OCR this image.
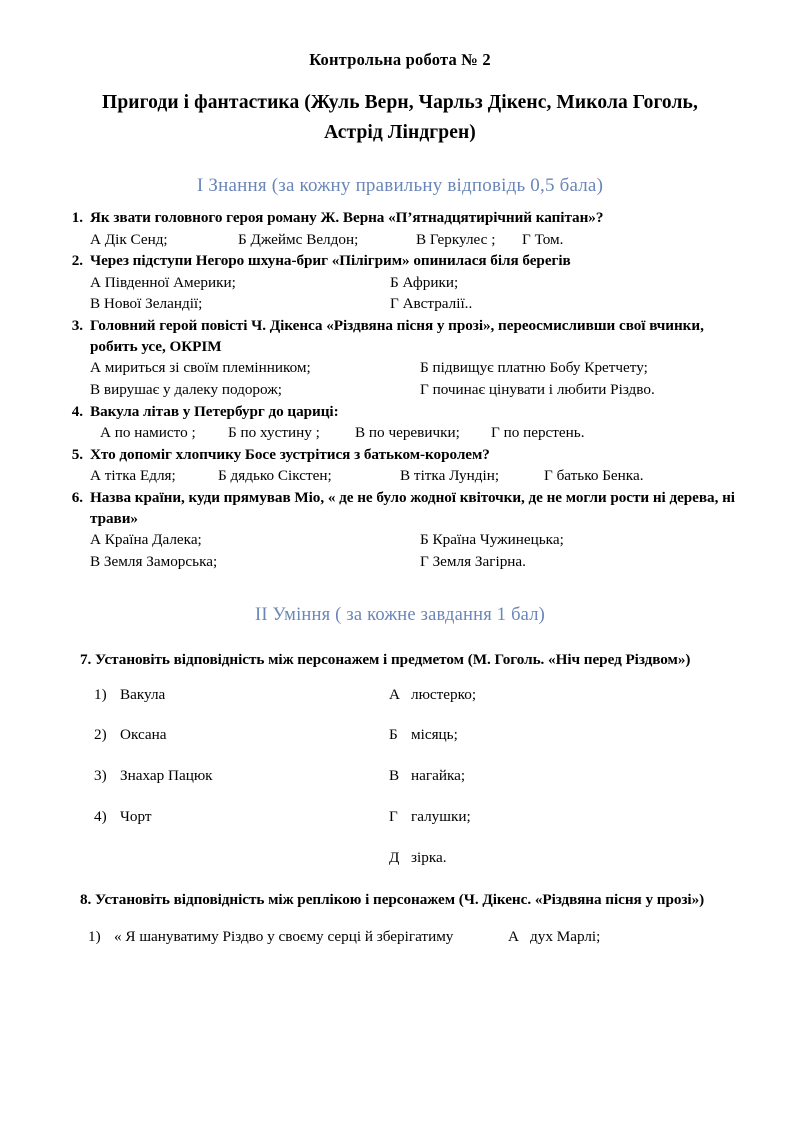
Контрольна робота № 2
Пригоди і фантастика (Жуль Верн, Чарльз Дікенс, Микола Гоголь, Астрід Ліндгрен)
I Знання (за кожну правильну відповідь 0,5 бала)
1. Як звати головного героя роману Ж. Верна «П’ятнадцятирічний капітан»?
А Дік Сенд;	Б Джеймс Велдон;	В Геркулес ;	Г Том.
2. Через підступи Негоро шхуна-бриг «Пілігрим» опинилася біля берегів
А Південної Америки;	Б Африки;
В Нової Зеландії;	Г Австралії..
3. Головний герой повісті Ч. Дікенса «Різдвяна пісня у прозі», переосмисливши свої вчинки, робить усе, ОКРІМ
А мириться зі своїм племінником;	Б підвищує платню Бобу Кретчету;
В вирушає у далеку подорож;	Г починає цінувати і любити Різдво.
4. Вакула літав у Петербург до цариці:
А по намисто ;	Б по хустину ;	В по черевички;	Г по перстень.
5. Хто допоміг хлопчику Босе зустрітися з батьком-королем?
А тітка Едля;	Б дядько Сікстен;	В тітка Лундін;	Г батько Бенка.
6. Назва країни, куди прямував Міо, « де не було жодної квіточки, де не могли рости ні дерева, ні трави»
А Країна Далека;	Б Країна Чужинецька;
В Земля Заморська;	Г Земля Загірна.
II Уміння ( за кожне завдання 1 бал)
7. Установіть відповідність між персонажем і предметом (М. Гоголь. «Ніч перед Різдвом»)
1) Вакула	А люстерко;
2) Оксана	Б місяць;
3) Знахар Пацюк	В нагайка;
4) Чорт	Г галушки;
Д зірка.
8. Установіть відповідність між реплікою і персонажем (Ч. Дікенс. «Різдвяна пісня у прозі»)
1) « Я шануватиму Різдво у своєму серці й зберігатиму	А дух Марлі;
